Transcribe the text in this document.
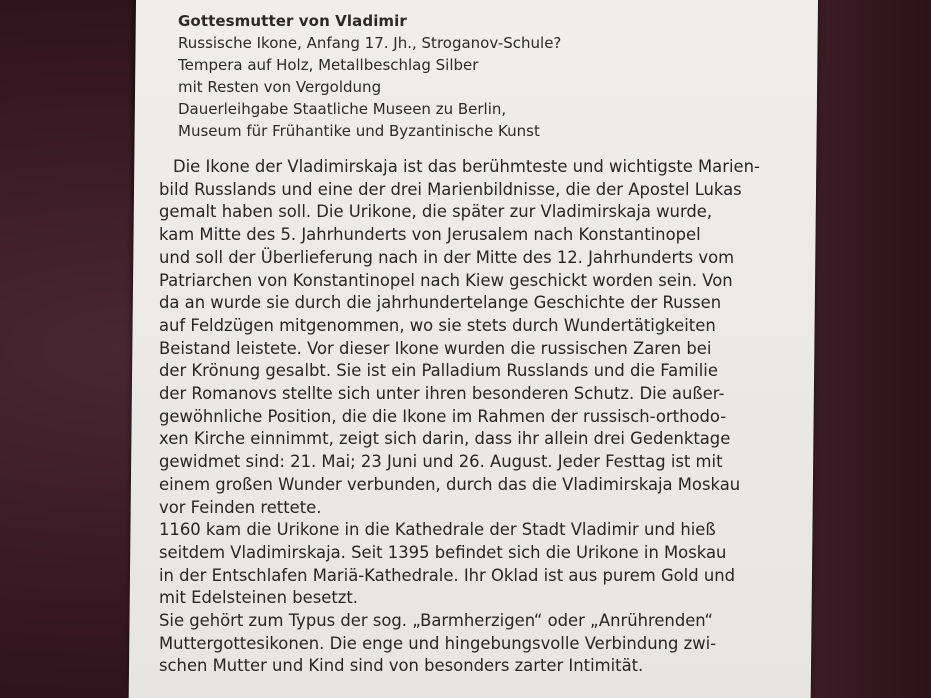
Gottesmutter von Vladimir

Russische Ikone, Anfang 17. Jh., Stroganov-Schule?

Tempera auf Holz, Metallbeschlag Silber

mit Resten von Vergoldung

Dauerleihgabe Staatliche Museen zu Berlin,

Museum für Frühantike und Byzantinische Kunst

Die Ikone der Vladimirskaja ist das berühmteste und wichtigste Marien-

bild Russlands und eine der drei Marienbildnisse, die der Apostel Lukas

gemalt haben soll. Die Urikone, die später zur Vladimirskaja wurde,

kam Mitte des 5. Jahrhunderts von Jerusalem nach Konstantinopel

und soll der Überlieferung nach in der Mitte des 12. Jahrhunderts vom

Patriarchen von Konstantinopel nach Kiew geschickt worden sein. Von

da an wurde sie durch die jahrhundertelange Geschichte der Russen

auf Feldzügen mitgenommen, wo sie stets durch Wundertätigkeiten

Beistand leistete. Vor dieser Ikone wurden die russischen Zaren bei

der Krönung gesalbt. Sie ist ein Palladium Russlands und die Familie

der Romanovs stellte sich unter ihren besonderen Schutz. Die außer-

gewöhnliche Position, die die Ikone im Rahmen der russisch-orthodo-

xen Kirche einnimmt, zeigt sich darin, dass ihr allein drei Gedenktage

gewidmet sind: 21. Mai; 23 Juni und 26. August. Jeder Festtag ist mit

einem großen Wunder verbunden, durch das die Vladimirskaja Moskau

vor Feinden rettete.

1160 kam die Urikone in die Kathedrale der Stadt Vladimir und hieß

seitdem Vladimirskaja. Seit 1395 befindet sich die Urikone in Moskau

in der Entschlafen Mariä-Kathedrale. Ihr Oklad ist aus purem Gold und

mit Edelsteinen besetzt.

Sie gehört zum Typus der sog. „Barmherzigen“ oder „Anrührenden“

Muttergottesikonen. Die enge und hingebungsvolle Verbindung zwi-

schen Mutter und Kind sind von besonders zarter Intimität.
